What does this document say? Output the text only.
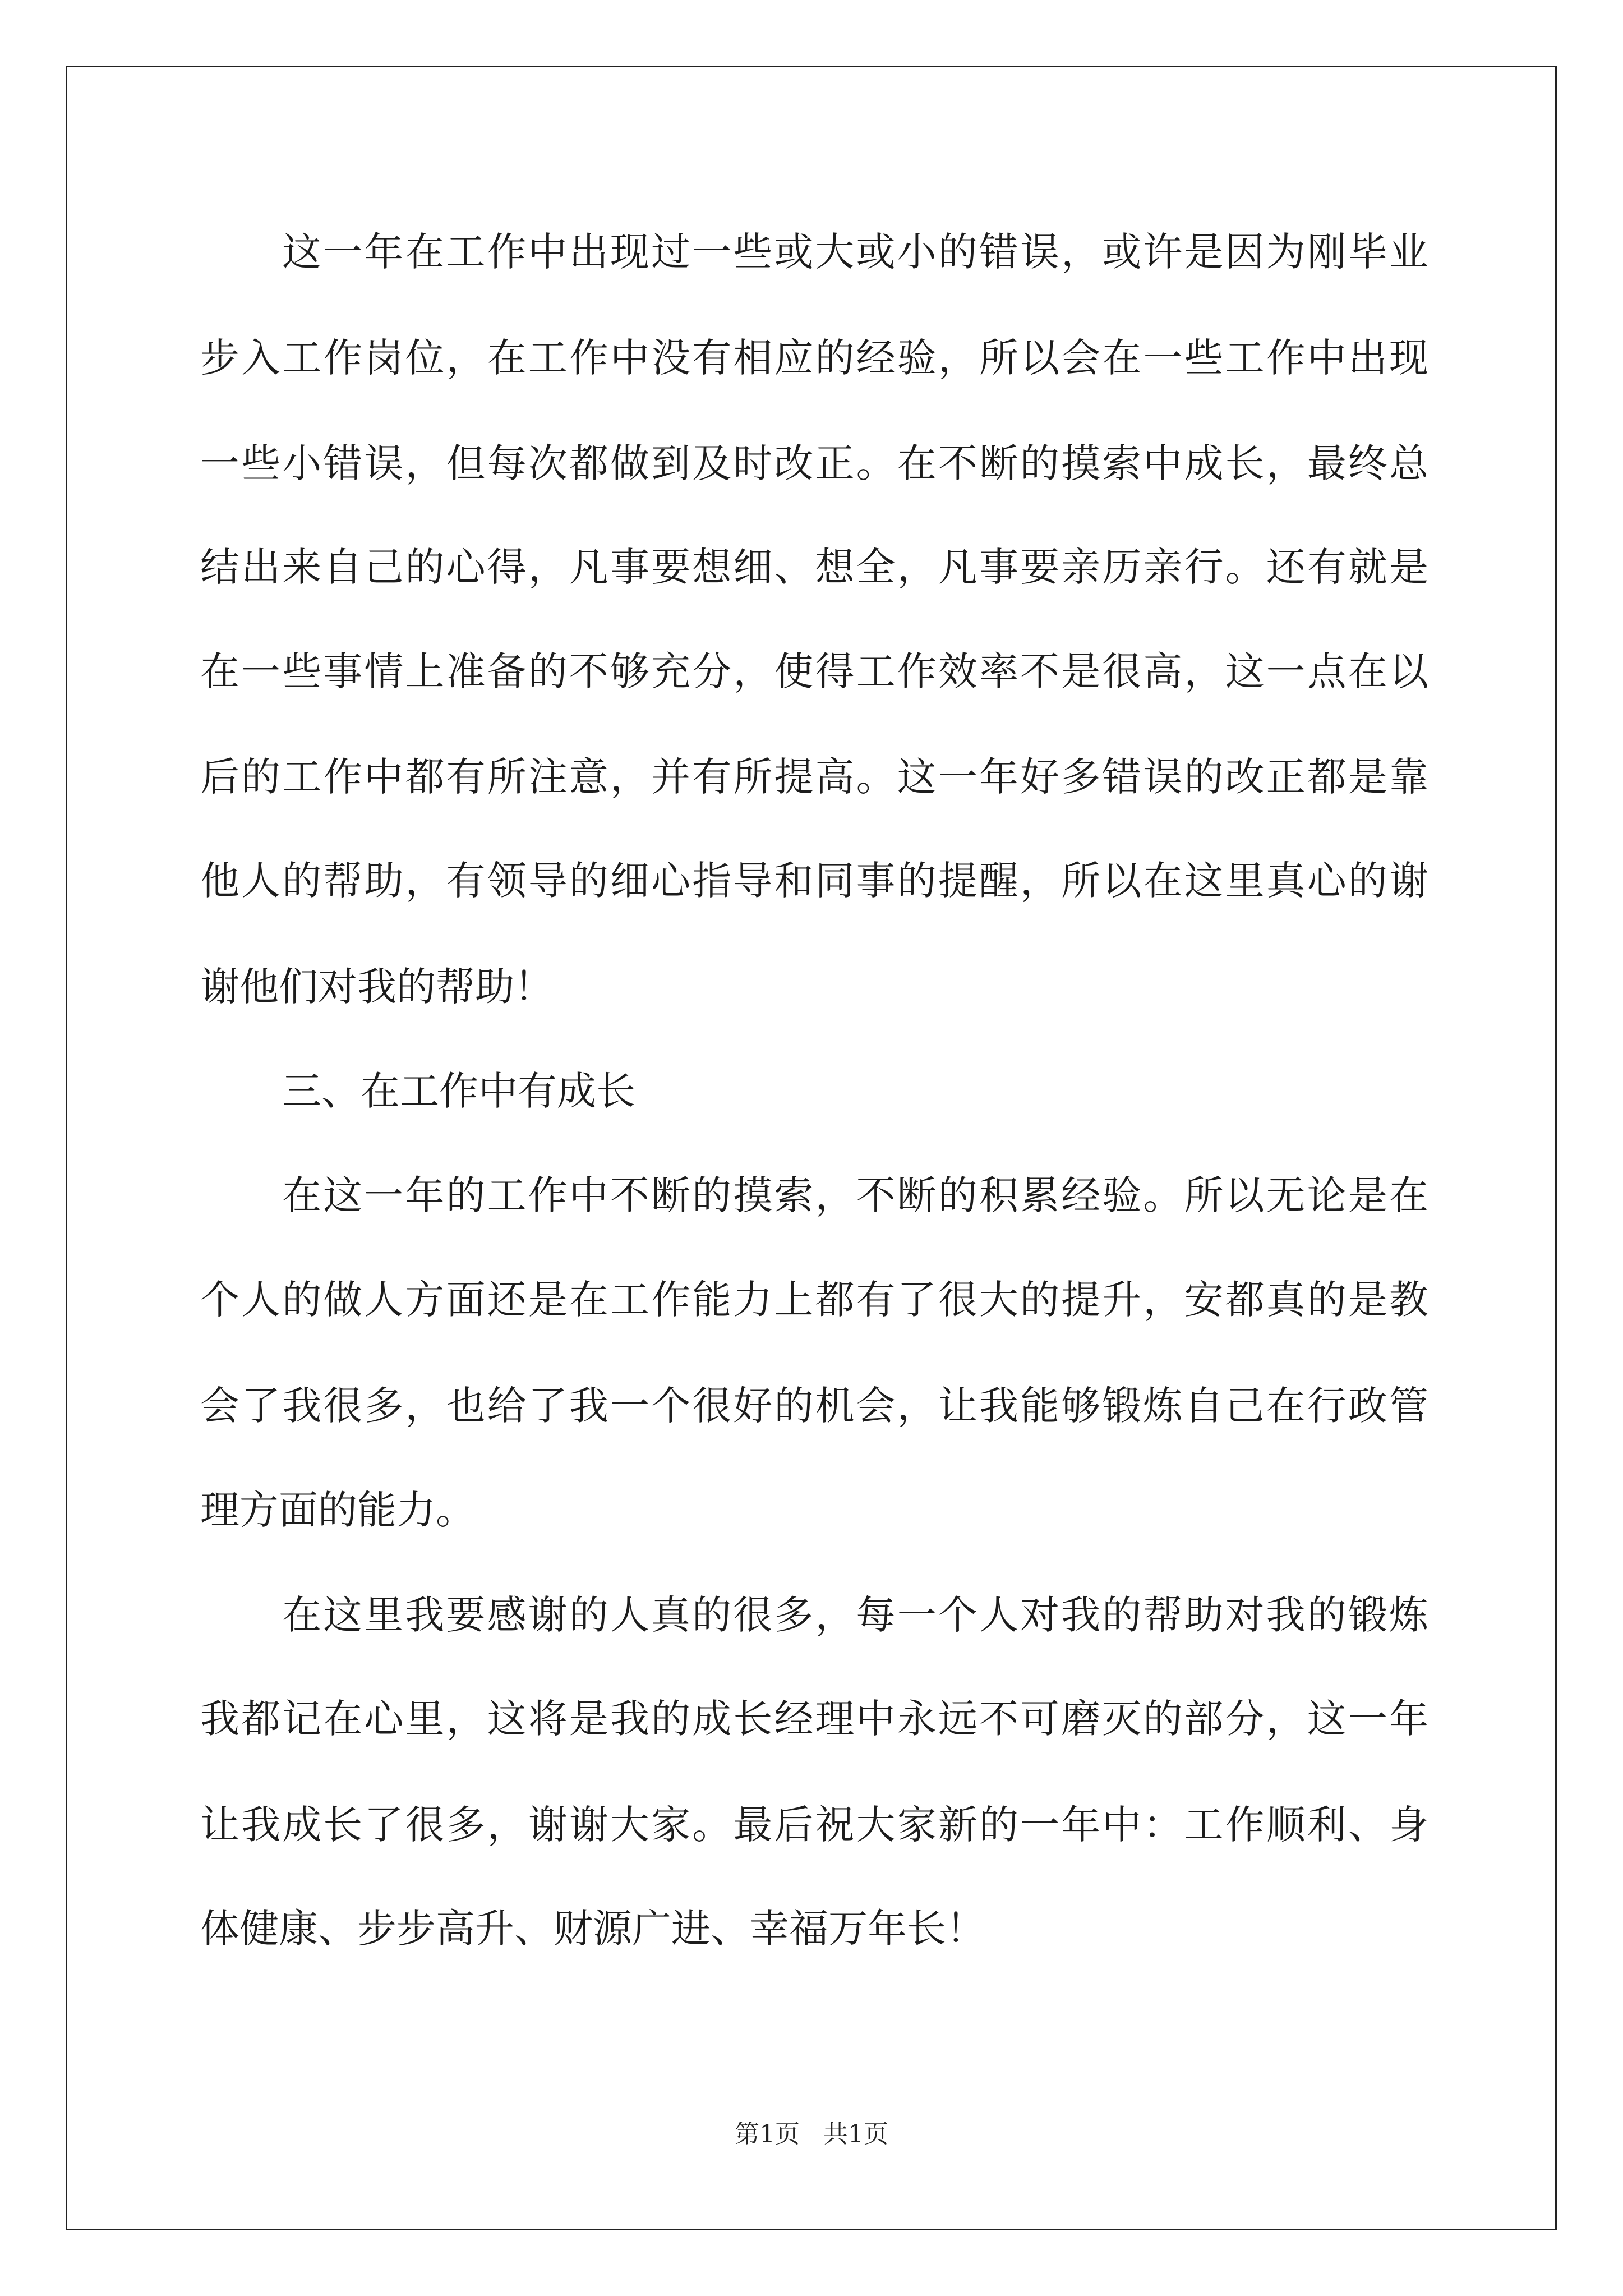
这一年在工作中出现过一些或大或小的错误，或许是因为刚毕业
步入工作岗位，在工作中没有相应的经验，所以会在一些工作中出现
一些小错误，但每次都做到及时改正。在不断的摸索中成长，最终总
结出来自己的心得，凡事要想细、想全，凡事要亲历亲行。还有就是
在一些事情上准备的不够充分，使得工作效率不是很高，这一点在以
后的工作中都有所注意，并有所提高。这一年好多错误的改正都是靠
他人的帮助，有领导的细心指导和同事的提醒，所以在这里真心的谢
谢他们对我的帮助！
三、在工作中有成长
在这一年的工作中不断的摸索，不断的积累经验。所以无论是在
个人的做人方面还是在工作能力上都有了很大的提升，安都真的是教
会了我很多，也给了我一个很好的机会，让我能够锻炼自己在行政管
理方面的能力。
在这里我要感谢的人真的很多，每一个人对我的帮助对我的锻炼
我都记在心里，这将是我的成长经理中永远不可磨灭的部分，这一年
让我成长了很多，谢谢大家。最后祝大家新的一年中：工作顺利、身
体健康、步步高升、财源广进、幸福万年长！
第1页   共1页
